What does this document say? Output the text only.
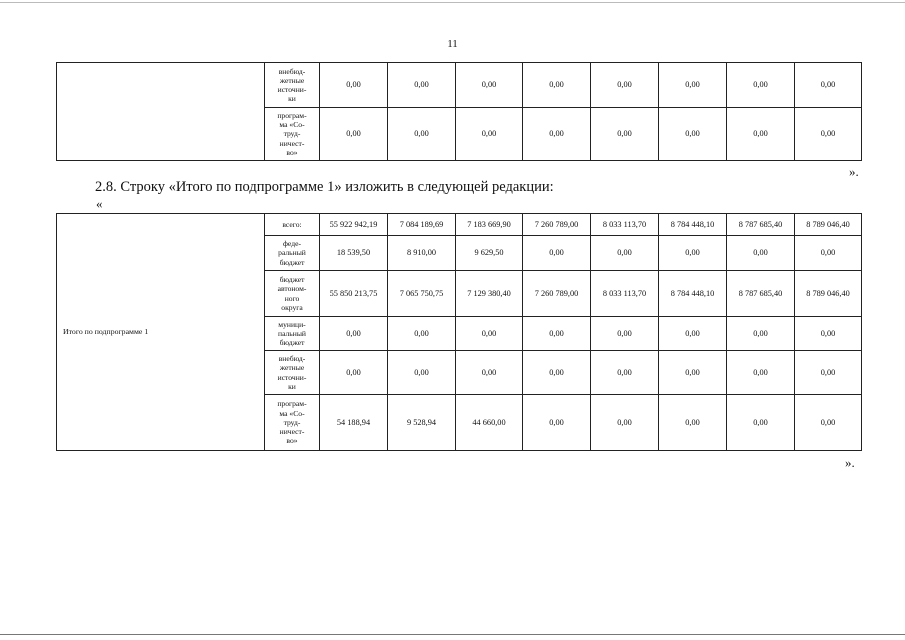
11
	внебюд-
жетные
источни-
ки	0,00	0,00	0,00	0,00	0,00	0,00	0,00	0,00
	програм-
ма «Со-
труд-
ничест-
во»	0,00	0,00	0,00	0,00	0,00	0,00	0,00	0,00
».
2.8. Строку «Итого по подпрограмме 1» изложить в следующей редакции:
«
Итого по подпрограмме 1	всего:	55 922 942,19	7 084 189,69	7 183 669,90	7 260 789,00	8 033 113,70	8 784 448,10	8 787 685,40	8 789 046,40
	феде-
ральный
бюджет	18 539,50	8 910,00	9 629,50	0,00	0,00	0,00	0,00	0,00
	бюджет
автоном-
ного
округа	55 850 213,75	7 065 750,75	7 129 380,40	7 260 789,00	8 033 113,70	8 784 448,10	8 787 685,40	8 789 046,40
	муници-
пальный
бюджет	0,00	0,00	0,00	0,00	0,00	0,00	0,00	0,00
	внебюд-
жетные
источни-
ки	0,00	0,00	0,00	0,00	0,00	0,00	0,00	0,00
	програм-
ма «Со-
труд-
ничест-
во»	54 188,94	9 528,94	44 660,00	0,00	0,00	0,00	0,00	0,00
».
